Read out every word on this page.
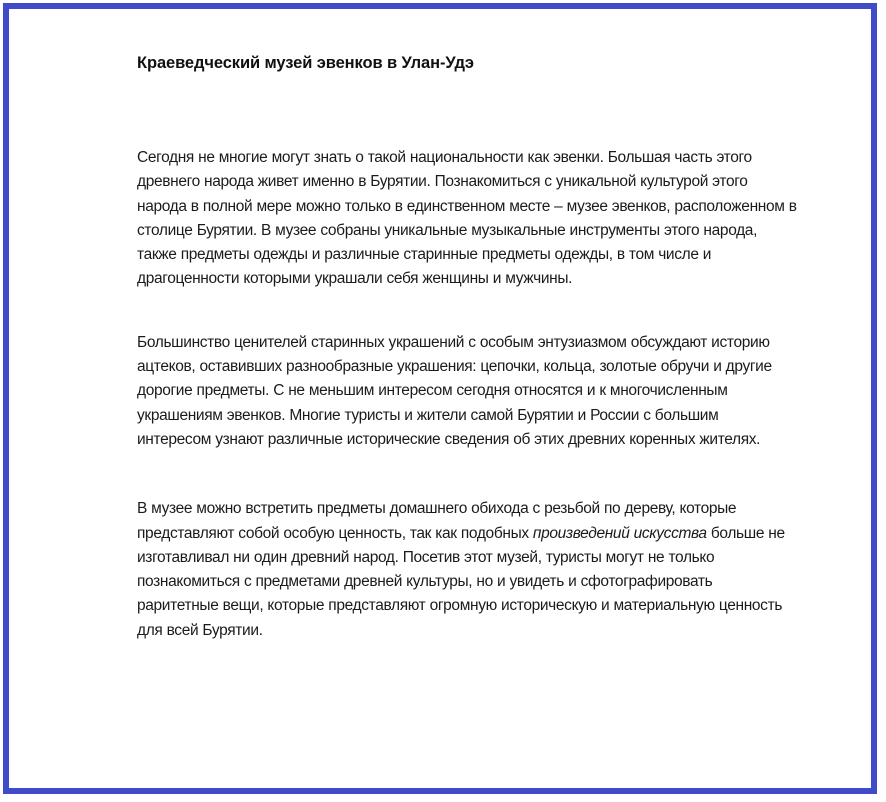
Краеведческий музей эвенков в Улан-Удэ

Сегодня не многие могут знать о такой национальности как эвенки. Большая часть этого древнего народа живет именно в Бурятии. Познакомиться с уникальной культурой этого народа в полной мере можно только в единственном месте – музее эвенков, расположенном в столице Бурятии. В музее собраны уникальные музыкальные инструменты этого народа, также предметы одежды и различные старинные предметы одежды, в том числе и драгоценности которыми украшали себя женщины и мужчины.

Большинство ценителей старинных украшений с особым энтузиазмом обсуждают историю ацтеков, оставивших разнообразные украшения: цепочки, кольца, золотые обручи и другие дорогие предметы. С не меньшим интересом сегодня относятся и к многочисленным украшениям эвенков. Многие туристы и жители самой Бурятии и России с большим интересом узнают различные исторические сведения об этих древних коренных жителях.

В музее можно встретить предметы домашнего обихода с резьбой по дереву, которые представляют собой особую ценность, так как подобных произведений искусства больше не изготавливал ни один древний народ. Посетив этот музей, туристы могут не только познакомиться с предметами древней культуры, но и увидеть и сфотографировать раритетные вещи, которые представляют огромную историческую и материальную ценность для всей Бурятии.
